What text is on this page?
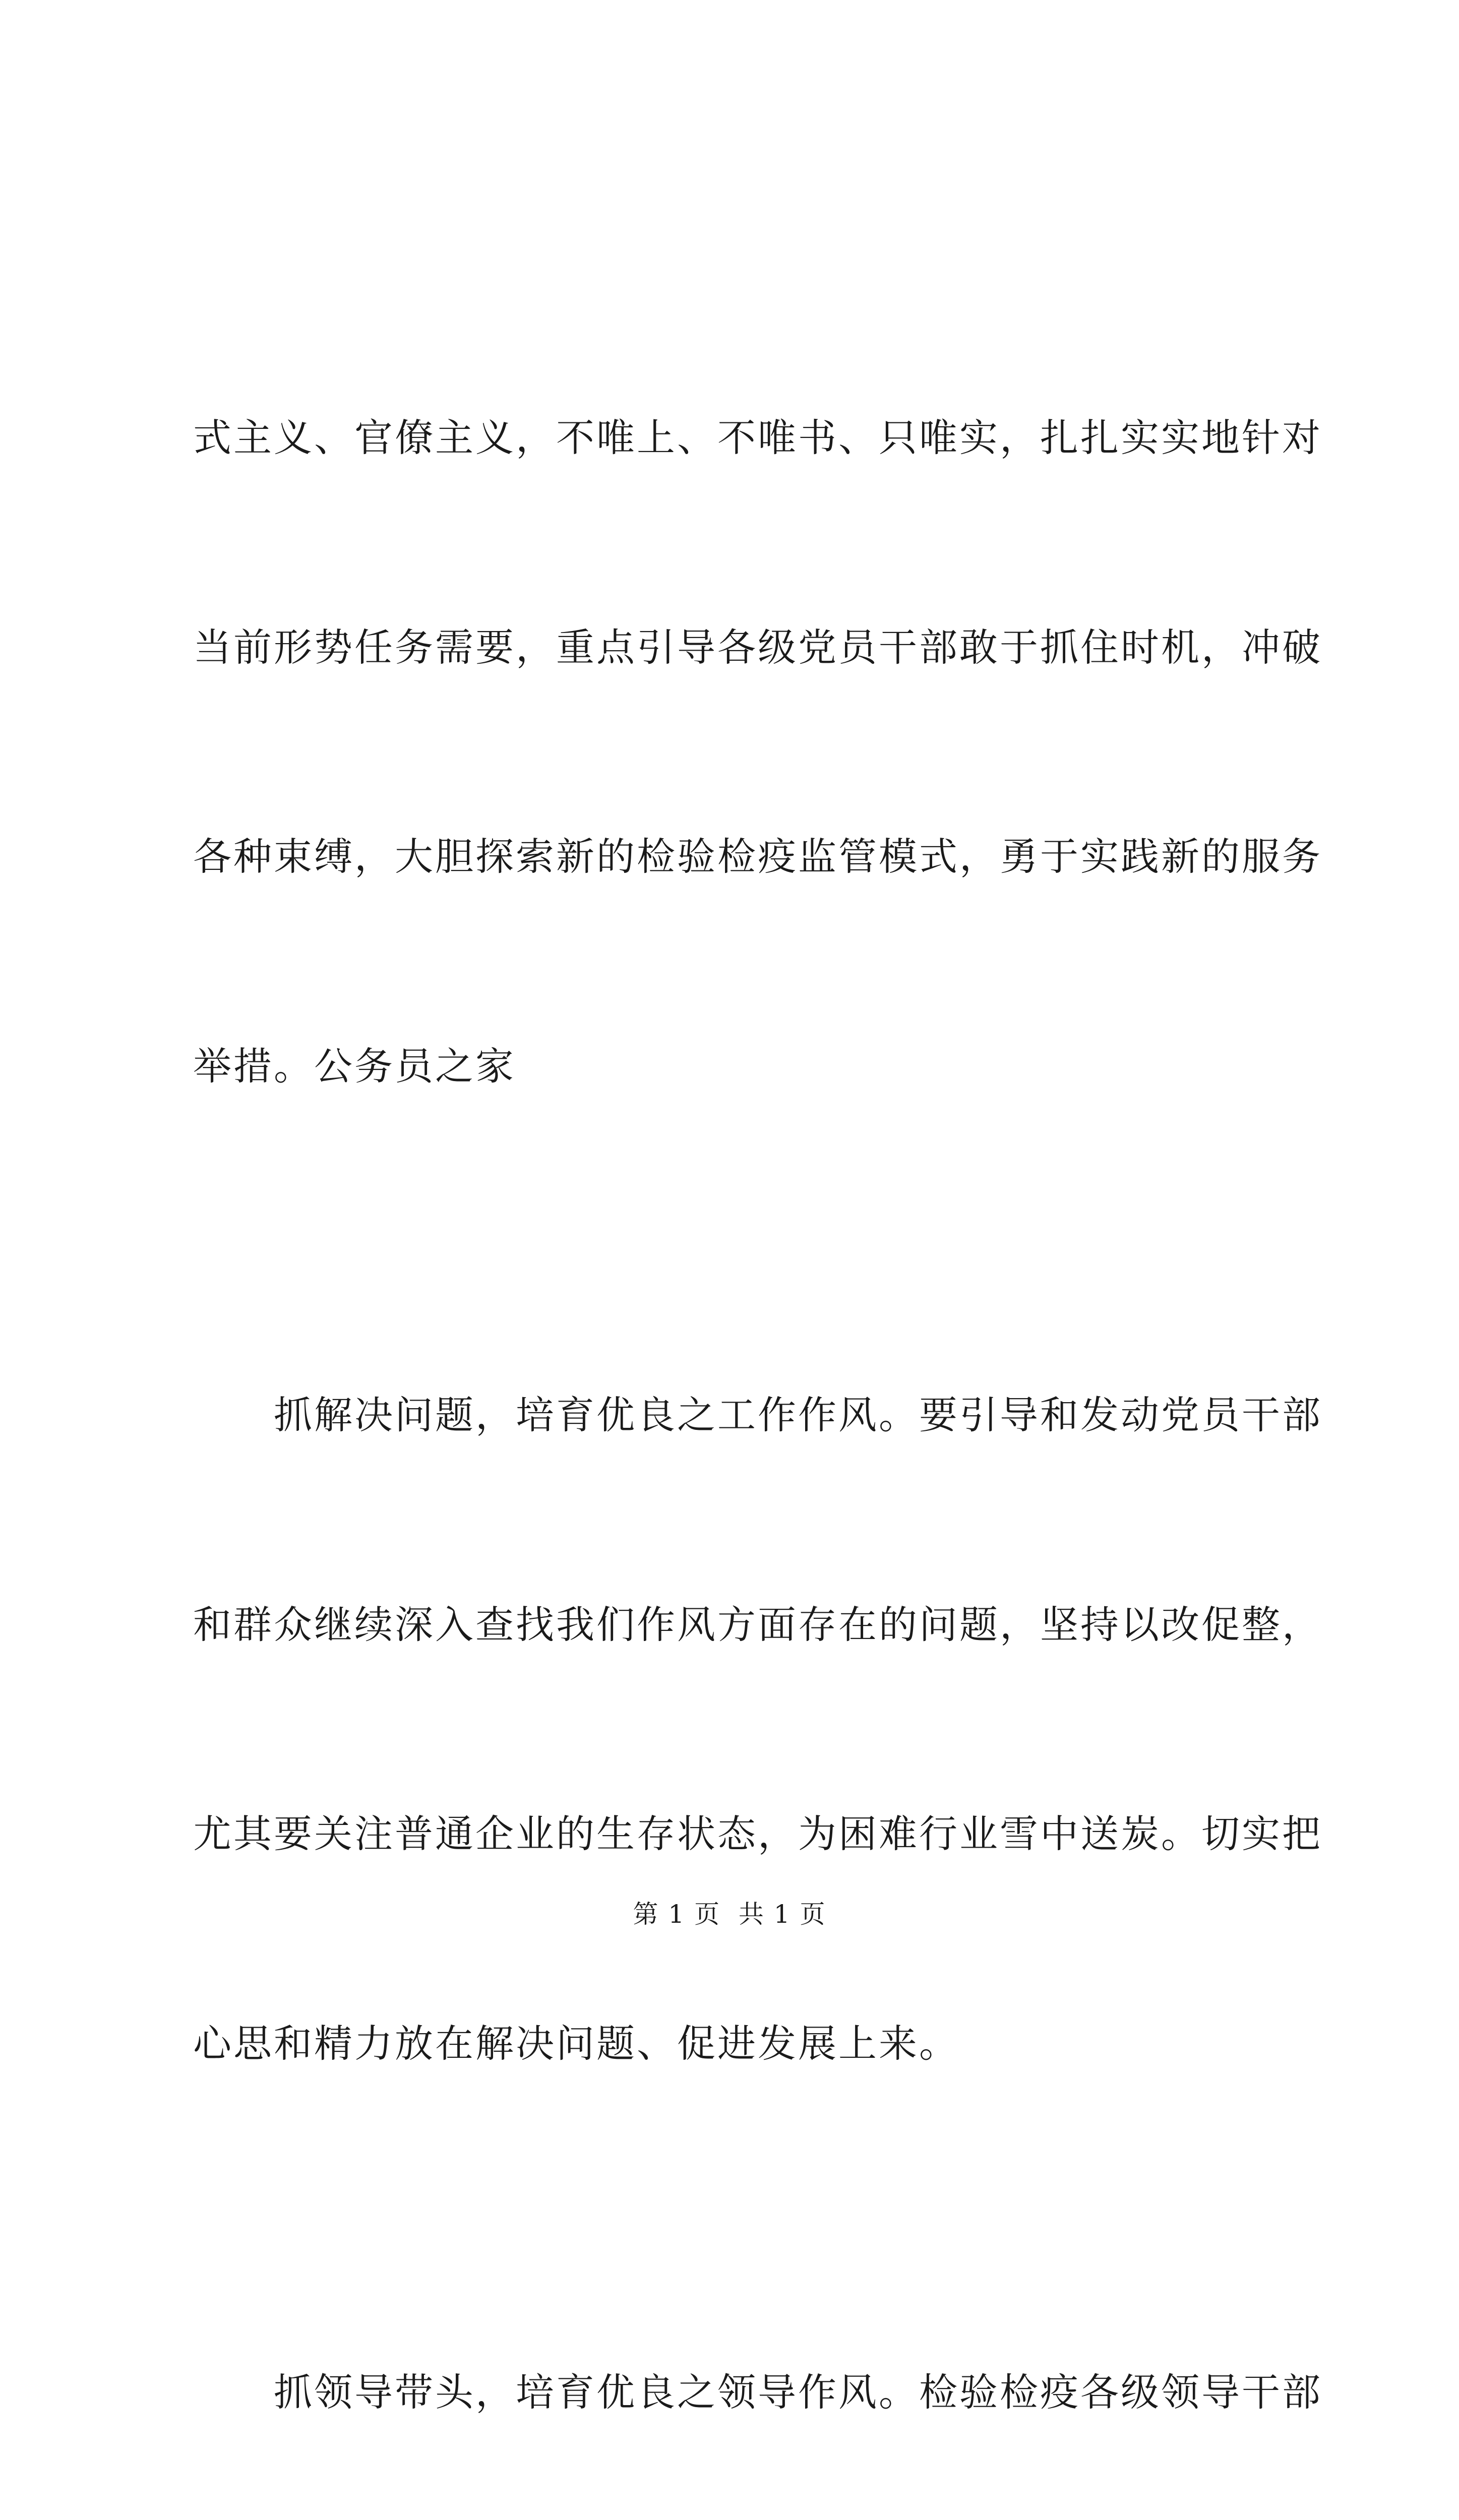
式主义、官僚主义，不唯上、不唯书、只唯实，扎扎实实地针对

当前形势任务需要，重点引导各级党员干部敢于抓住时机，冲破

各种束缚，大胆探索新的检验检疫监管模式，勇于实践新的服务

举措。公务员之家

　　抓解决问题，培育优良之工作作风。要引导和发动党员干部

和群众继续深入查找我们作风方面存在的问题，坚持以改促整，

尤其要关注普通企业的生存状态，为困难行业雪中送炭。切实把

心思和精力放在解决问题、促进发展上来。

　　抓领导带头，培育优良之领导作风。检验检疫各级领导干部

第 1 页  共 1 页
